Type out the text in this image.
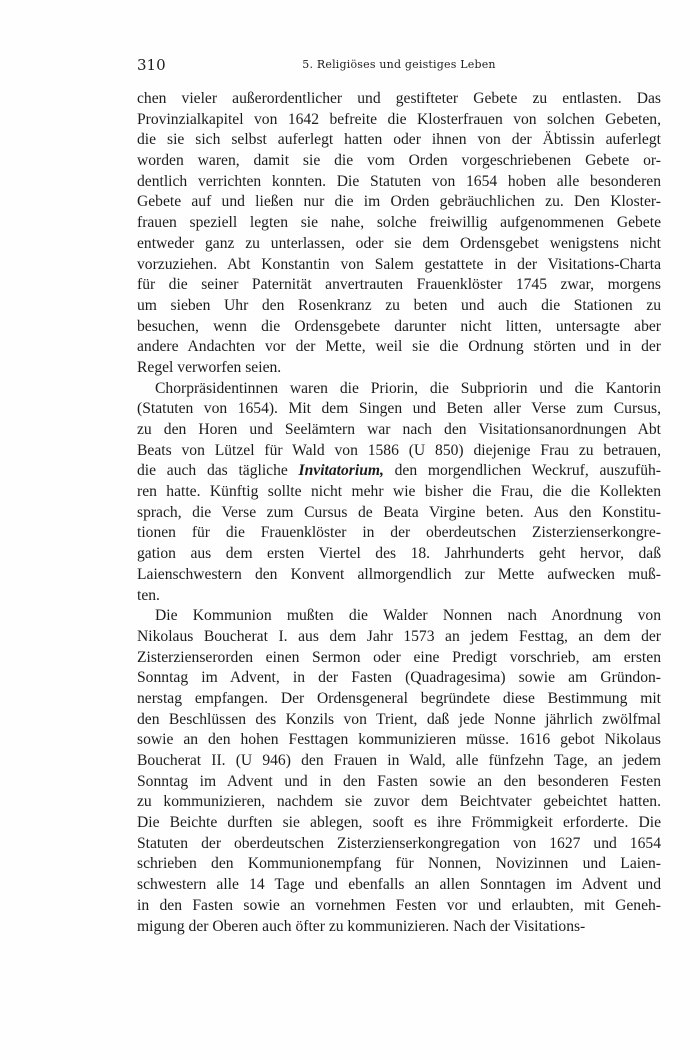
310	5. Religiöses und geistiges Leben
chen vieler außerordentlicher und gestifteter Gebete zu entlasten. Das
Provinzialkapitel von 1642 befreite die Klosterfrauen von solchen Gebeten,
die sie sich selbst auferlegt hatten oder ihnen von der Äbtissin auferlegt
worden waren, damit sie die vom Orden vorgeschriebenen Gebete or-
dentlich verrichten konnten. Die Statuten von 1654 hoben alle besonderen
Gebete auf und ließen nur die im Orden gebräuchlichen zu. Den Kloster-
frauen speziell legten sie nahe, solche freiwillig aufgenommenen Gebete
entweder ganz zu unterlassen, oder sie dem Ordensgebet wenigstens nicht
vorzuziehen. Abt Konstantin von Salem gestattete in der Visitations-Charta
für die seiner Paternität anvertrauten Frauenklöster 1745 zwar, morgens
um sieben Uhr den Rosenkranz zu beten und auch die Stationen zu
besuchen, wenn die Ordensgebete darunter nicht litten, untersagte aber
andere Andachten vor der Mette, weil sie die Ordnung störten und in der
Regel verworfen seien.
Chorpräsidentinnen waren die Priorin, die Subpriorin und die Kantorin
(Statuten von 1654). Mit dem Singen und Beten aller Verse zum Cursus,
zu den Horen und Seelämtern war nach den Visitationsanordnungen Abt
Beats von Lützel für Wald von 1586 (U 850) diejenige Frau zu betrauen,
die auch das tägliche Invitatorium, den morgendlichen Weckruf, auszufüh-
ren hatte. Künftig sollte nicht mehr wie bisher die Frau, die die Kollekten
sprach, die Verse zum Cursus de Beata Virgine beten. Aus den Konstitu-
tionen für die Frauenklöster in der oberdeutschen Zisterzienserkongre-
gation aus dem ersten Viertel des 18. Jahrhunderts geht hervor, daß
Laienschwestern den Konvent allmorgendlich zur Mette aufwecken muß-
ten.
Die Kommunion mußten die Walder Nonnen nach Anordnung von
Nikolaus Boucherat I. aus dem Jahr 1573 an jedem Festtag, an dem der
Zisterzienserorden einen Sermon oder eine Predigt vorschrieb, am ersten
Sonntag im Advent, in der Fasten (Quadragesima) sowie am Gründon-
nerstag empfangen. Der Ordensgeneral begründete diese Bestimmung mit
den Beschlüssen des Konzils von Trient, daß jede Nonne jährlich zwölfmal
sowie an den hohen Festtagen kommunizieren müsse. 1616 gebot Nikolaus
Boucherat II. (U 946) den Frauen in Wald, alle fünfzehn Tage, an jedem
Sonntag im Advent und in den Fasten sowie an den besonderen Festen
zu kommunizieren, nachdem sie zuvor dem Beichtvater gebeichtet hatten.
Die Beichte durften sie ablegen, sooft es ihre Frömmigkeit erforderte. Die
Statuten der oberdeutschen Zisterzienserkongregation von 1627 und 1654
schrieben den Kommunionempfang für Nonnen, Novizinnen und Laien-
schwestern alle 14 Tage und ebenfalls an allen Sonntagen im Advent und
in den Fasten sowie an vornehmen Festen vor und erlaubten, mit Geneh-
migung der Oberen auch öfter zu kommunizieren. Nach der Visitations-
